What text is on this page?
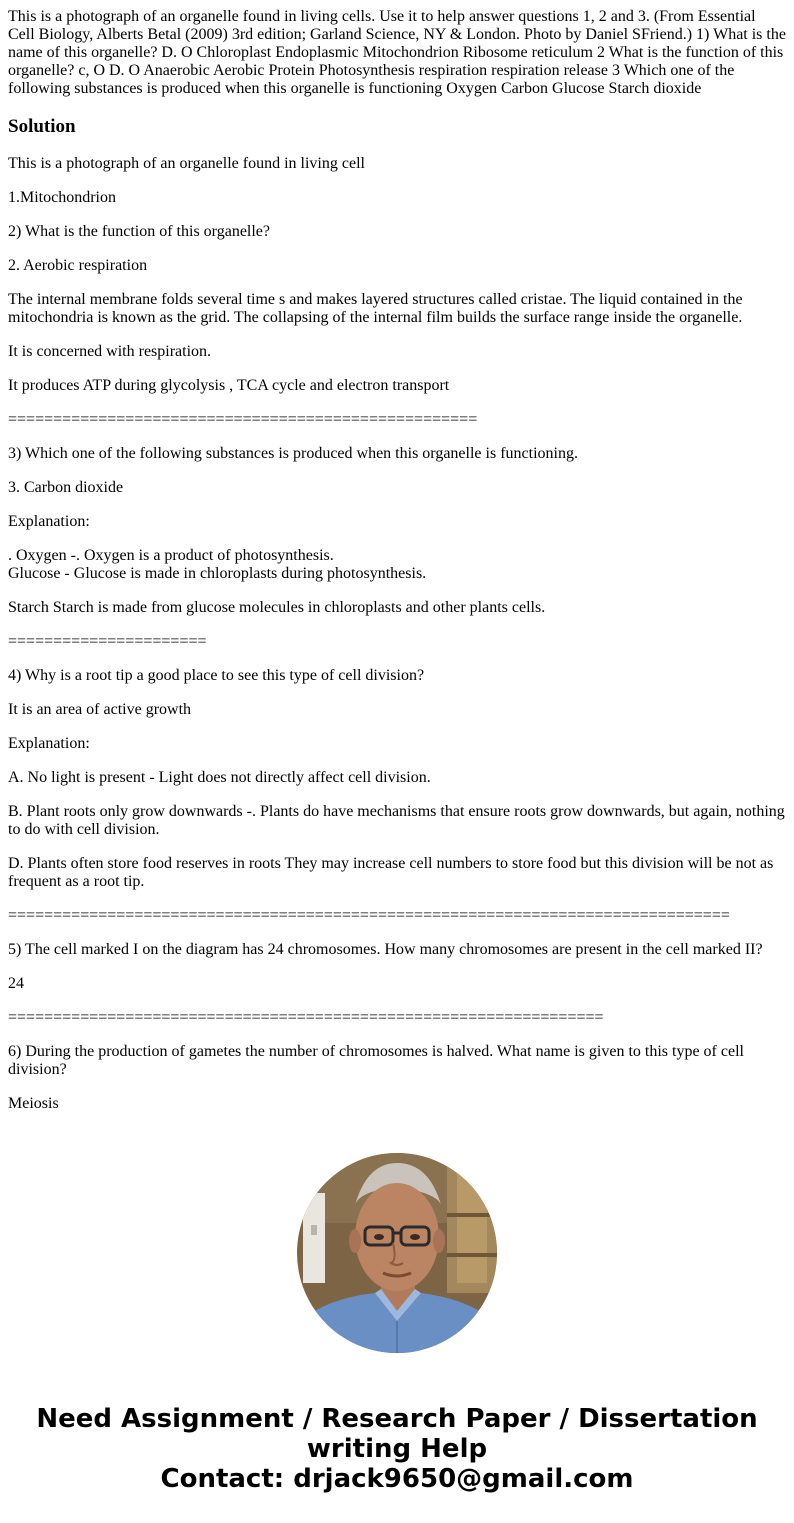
This is a photograph of an organelle found in living cells. Use it to help answer questions 1, 2 and 3. (From Essential Cell Biology, Alberts Betal (2009) 3rd edition; Garland Science, NY & London. Photo by Daniel SFriend.) 1) What is the name of this organelle? D. O Chloroplast Endoplasmic Mitochondrion Ribosome reticulum 2 What is the function of this organelle? c, O D. O Anaerobic Aerobic Protein Photosynthesis respiration respiration release 3 Which one of the following substances is produced when this organelle is functioning Oxygen Carbon Glucose Starch dioxide

Solution

This is a photograph of an organelle found in living cell

1.Mitochondrion

2) What is the function of this organelle?

2. Aerobic respiration

The internal membrane folds several time s and makes layered structures called cristae. The liquid contained in the mitochondria is known as the grid. The collapsing of the internal film builds the surface range inside the organelle.

It is concerned with respiration.

It produces ATP during glycolysis , TCA cycle and electron transport

====================================================

3) Which one of the following substances is produced when this organelle is functioning.

3. Carbon dioxide

Explanation:

. Oxygen -. Oxygen is a product of photosynthesis.

Glucose - Glucose is made in chloroplasts during photosynthesis.

Starch Starch is made from glucose molecules in chloroplasts and other plants cells.

======================

4) Why is a root tip a good place to see this type of cell division?

It is an area of active growth

Explanation:

A. No light is present - Light does not directly affect cell division.

B. Plant roots only grow downwards -. Plants do have mechanisms that ensure roots grow downwards, but again, nothing to do with cell division.

D. Plants often store food reserves in roots They may increase cell numbers to store food but this division will be not as frequent as a root tip.

================================================================================

5) The cell marked I on the diagram has 24 chromosomes. How many chromosomes are present in the cell marked II?

24

==================================================================

6) During the production of gametes the number of chromosomes is halved. What name is given to this type of cell division?

Meiosis

Need Assignment / Research Paper / Dissertation
writing Help
Contact: drjack9650@gmail.com
